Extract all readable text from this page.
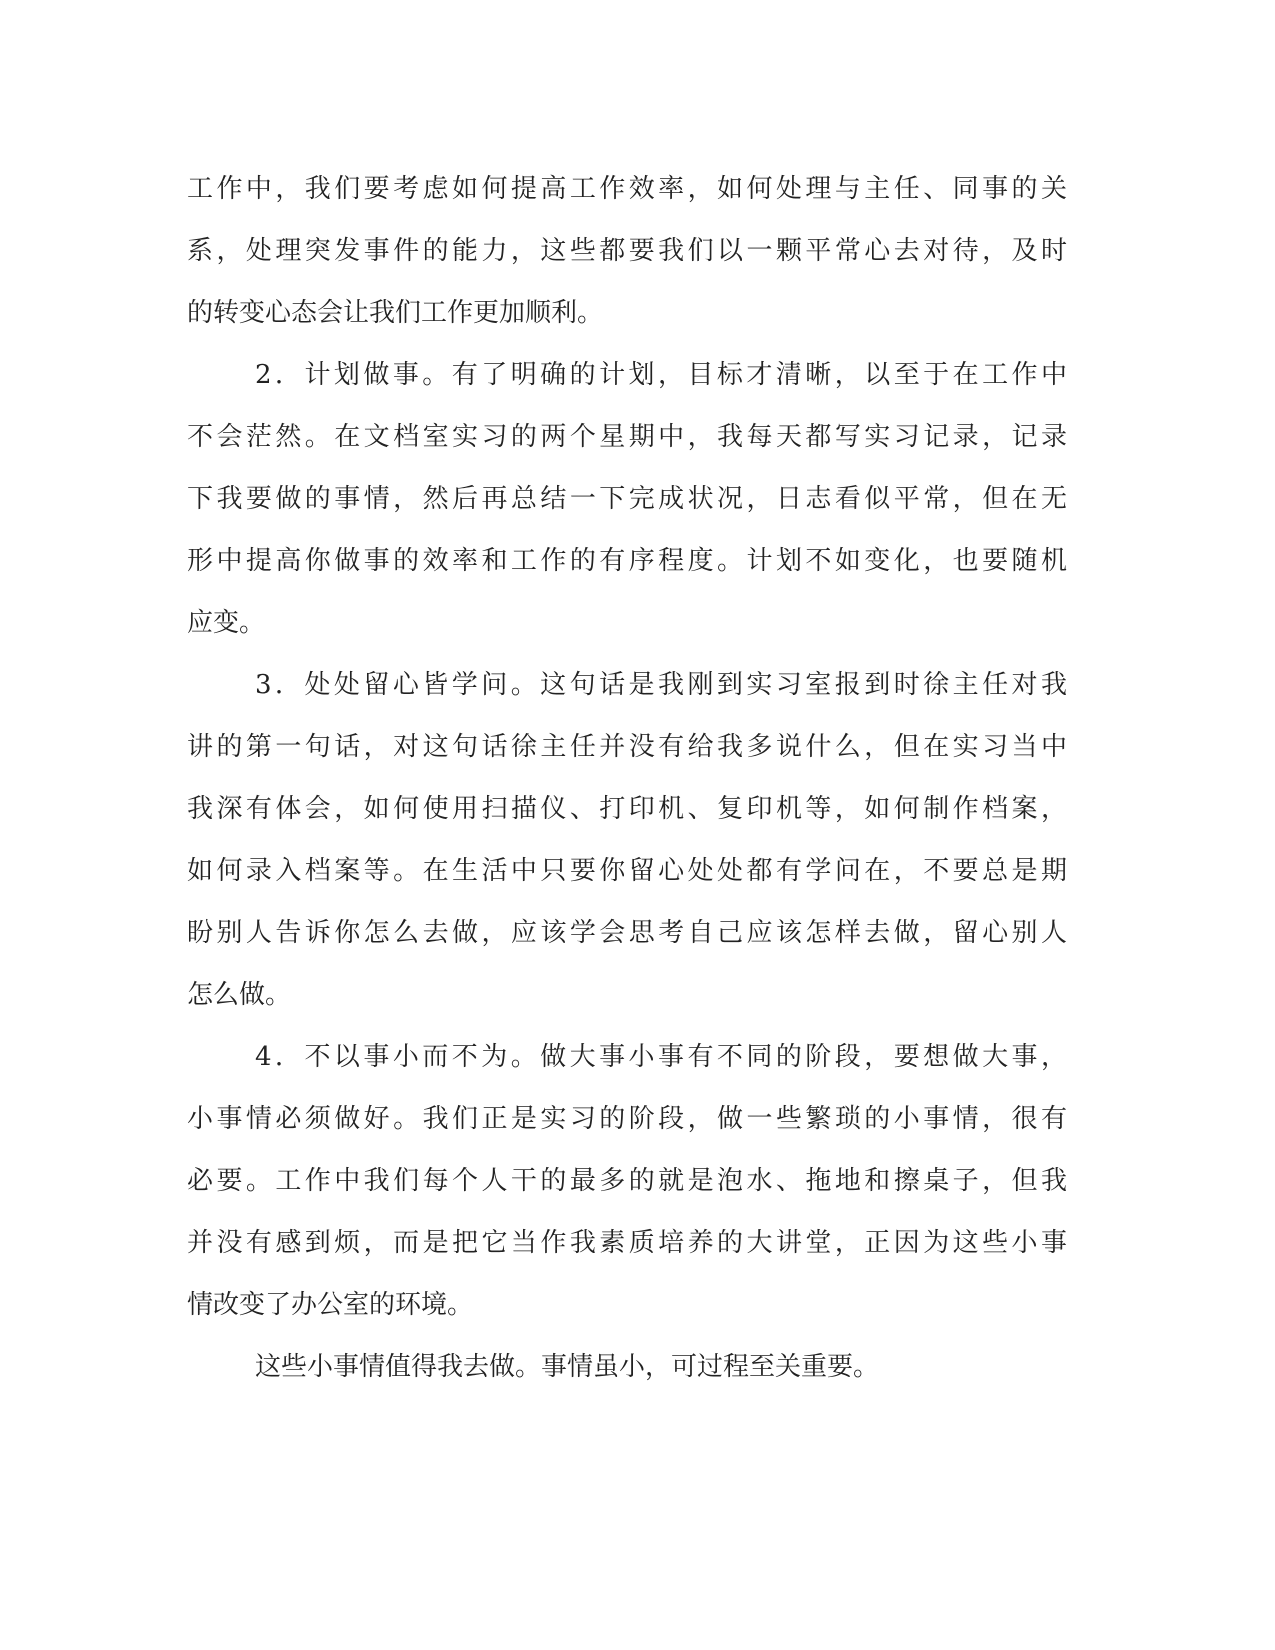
工作中，我们要考虑如何提高工作效率，如何处理与主任、同事的关
系，处理突发事件的能力，这些都要我们以一颗平常心去对待，及时
的转变心态会让我们工作更加顺利。
2．计划做事。有了明确的计划，目标才清晰，以至于在工作中
不会茫然。在文档室实习的两个星期中，我每天都写实习记录，记录
下我要做的事情，然后再总结一下完成状况，日志看似平常，但在无
形中提高你做事的效率和工作的有序程度。计划不如变化，也要随机
应变。
3．处处留心皆学问。这句话是我刚到实习室报到时徐主任对我
讲的第一句话，对这句话徐主任并没有给我多说什么，但在实习当中
我深有体会，如何使用扫描仪、打印机、复印机等，如何制作档案，
如何录入档案等。在生活中只要你留心处处都有学问在，不要总是期
盼别人告诉你怎么去做，应该学会思考自己应该怎样去做，留心别人
怎么做。
4．不以事小而不为。做大事小事有不同的阶段，要想做大事，
小事情必须做好。我们正是实习的阶段，做一些繁琐的小事情，很有
必要。工作中我们每个人干的最多的就是泡水、拖地和擦桌子，但我
并没有感到烦，而是把它当作我素质培养的大讲堂，正因为这些小事
情改变了办公室的环境。
这些小事情值得我去做。事情虽小，可过程至关重要。
